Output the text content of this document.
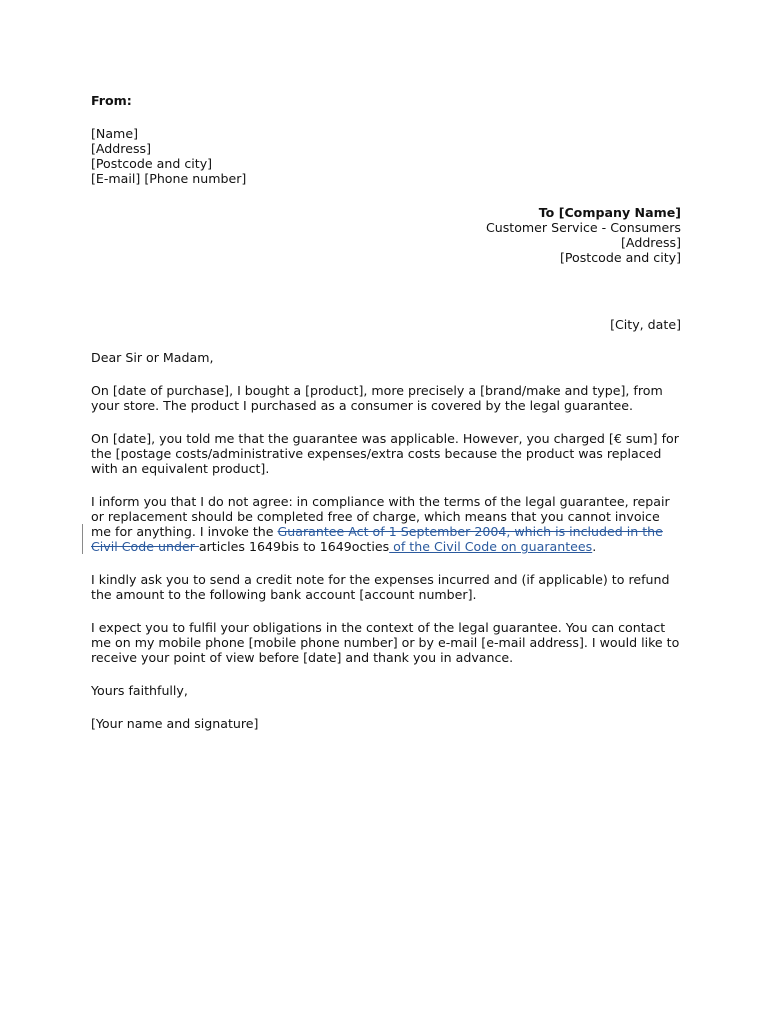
From:
[Name]
[Address]
[Postcode and city]
[E-mail] [Phone number]
To [Company Name]
Customer Service - Consumers
[Address]
[Postcode and city]
[City, date]
Dear Sir or Madam,

On [date of purchase], I bought a [product], more precisely a [brand/make and type], from your store. The product I purchased as a consumer is covered by the legal guarantee.

On [date], you told me that the guarantee was applicable. However, you charged [€ sum] for the [postage costs/administrative expenses/extra costs because the product was replaced with an equivalent product].

I inform you that I do not agree: in compliance with the terms of the legal guarantee, repair or replacement should be completed free of charge, which means that you cannot invoice me for anything. I invoke the Guarantee Act of 1 September 2004, which is included in the Civil Code under articles 1649bis to 1649octies of the Civil Code on guarantees.

I kindly ask you to send a credit note for the expenses incurred and (if applicable) to refund the amount to the following bank account [account number].

I expect you to fulfil your obligations in the context of the legal guarantee. You can contact me on my mobile phone [mobile phone number] or by e-mail [e-mail address]. I would like to receive your point of view before [date] and thank you in advance.

Yours faithfully,
[Your name and signature]
